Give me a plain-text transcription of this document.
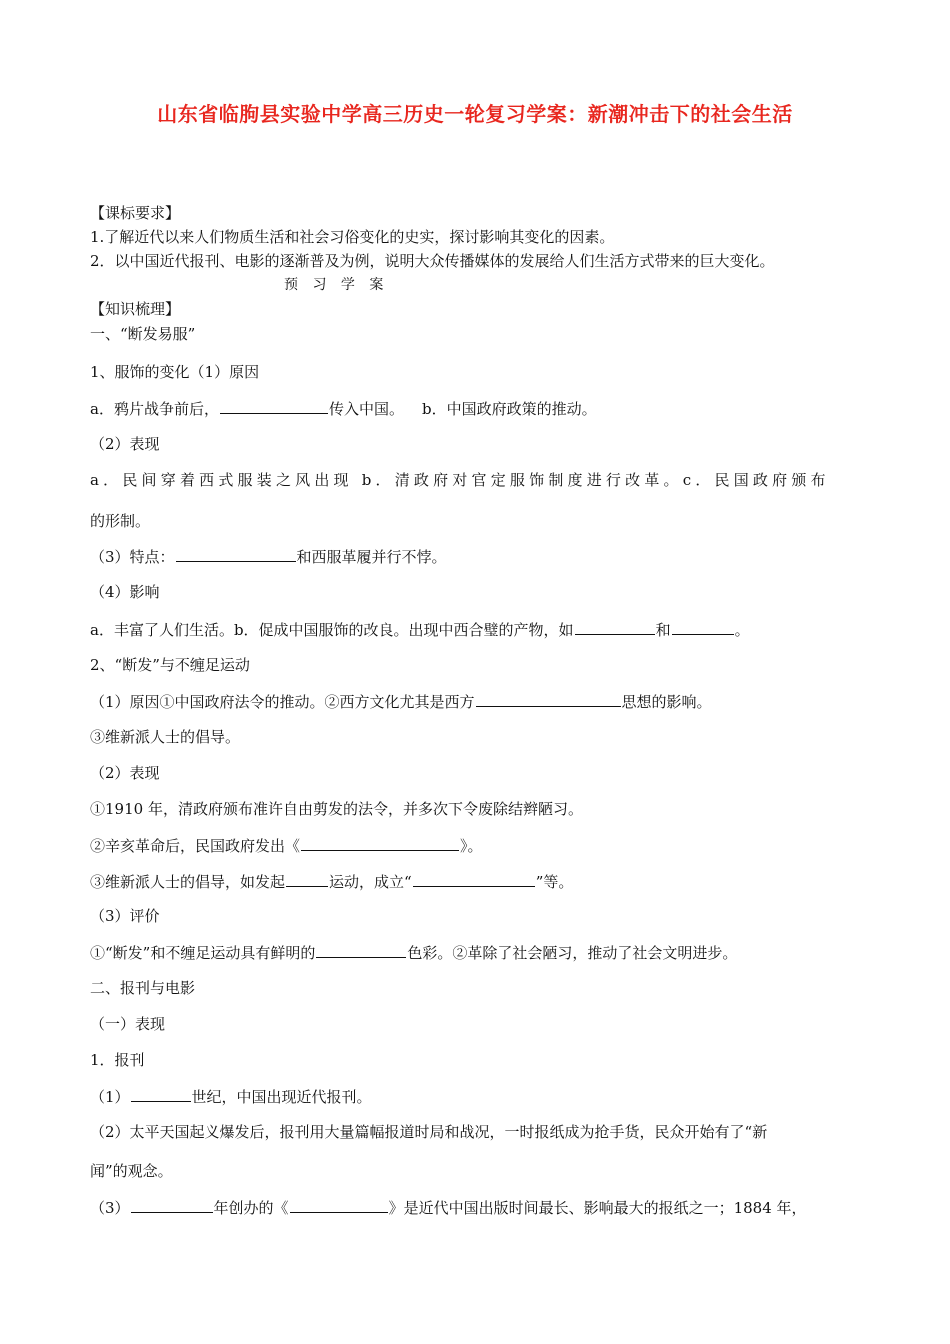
山东省临朐县实验中学高三历史一轮复习学案：新潮冲击下的社会生活
【课标要求】
1.了解近代以来人们物质生活和社会习俗变化的史实，探讨影响其变化的因素。
2．以中国近代报刊、电影的逐渐普及为例，说明大众传播媒体的发展给人们生活方式带来的巨大变化。
预 习 学 案
【知识梳理】
一、“断发易服”
1、服饰的变化（1）原因
a．鸦片战争前后，	传入中国。 b．中国政府政策的推动。
（2）表现
a．民间穿着西式服装之风出现 b．清政府对官定服饰制度进行改革。c．民国政府颁布
的形制。
（3）特点：	和西服革履并行不悖。
（4）影响
a．丰富了人们生活。b．促成中国服饰的改良。出现中西合璧的产物，如	和	。
2、“断发”与不缠足运动
（1）原因①中国政府法令的推动。②西方文化尤其是西方	思想的影响。
③维新派人士的倡导。
（2）表现
①1910 年，清政府颁布准许自由剪发的法令，并多次下令废除结辫陋习。
②辛亥革命后，民国政府发出《	》。
③维新派人士的倡导，如发起	运动，成立“	”等。
（3）评价
①“断发”和不缠足运动具有鲜明的	色彩。②革除了社会陋习，推动了社会文明进步。
二、报刊与电影
（一）表现
1．报刊
（1）	世纪，中国出现近代报刊。
（2）太平天国起义爆发后，报刊用大量篇幅报道时局和战况，一时报纸成为抢手货，民众开始有了“新
闻”的观念。
（3）	年创办的《	》是近代中国出版时间最长、影响最大的报纸之一；1884 年，
